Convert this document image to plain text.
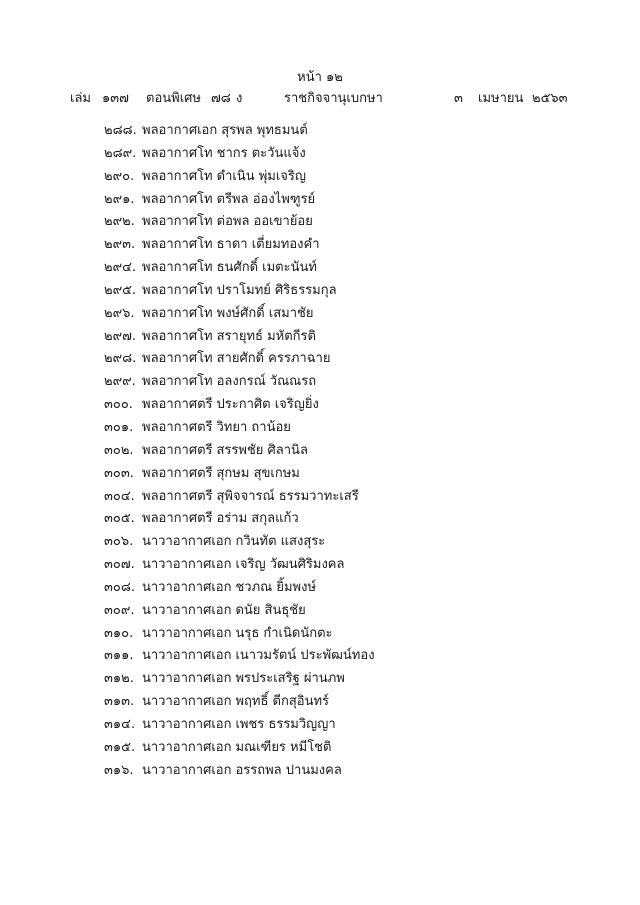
หน้า ๑๒
เล่ม ๑๓๗ ตอนพิเศษ ๗๘ ง	ราชกิจจานุเบกษา	๓ เมษายน ๒๕๖๓
๒๘๘. พลอากาศเอก สุรพล พุทธมนต์
๒๘๙. พลอากาศโท ชากร ตะวันแจ้ง
๒๙๐. พลอากาศโท ดำเนิน พุ่มเจริญ
๒๙๑. พลอากาศโท ตรีพล อ่องไพฑูรย์
๒๙๒. พลอากาศโท ต่อพล ออเขาย้อย
๒๙๓. พลอากาศโท ธาดา เตี่ยมทองคำ
๒๙๔. พลอากาศโท ธนศักดิ์ เมตะนันท์
๒๙๕. พลอากาศโท ปราโมทย์ ศิริธรรมกุล
๒๙๖. พลอากาศโท พงษ์ศักดิ์ เสมาชัย
๒๙๗. พลอากาศโท สรายุทธ์ มหัตกีรติ
๒๙๘. พลอากาศโท สายศักดิ์ ครรภาฉาย
๒๙๙. พลอากาศโท อลงกรณ์ วัณณรถ
๓๐๐. พลอากาศตรี ประกาศิต เจริญยิ่ง
๓๐๑. พลอากาศตรี วิทยา ถาน้อย
๓๐๒. พลอากาศตรี สรรพชัย ศิลานิล
๓๐๓. พลอากาศตรี สุกษม สุขเกษม
๓๐๔. พลอากาศตรี สุพิจจารณ์ ธรรมวาทะเสรี
๓๐๕. พลอากาศตรี อร่าม สกุลแก้ว
๓๐๖. นาวาอากาศเอก กวินทัต แสงสุระ
๓๐๗. นาวาอากาศเอก เจริญ วัฒนศิริมงคล
๓๐๘. นาวาอากาศเอก ชวภณ ยิ้มพงษ์
๓๐๙. นาวาอากาศเอก ดนัย สินธุชัย
๓๑๐. นาวาอากาศเอก นรุธ กำเนิดนักตะ
๓๑๑. นาวาอากาศเอก เนาวมรัตน์ ประพัฒน์ทอง
๓๑๒. นาวาอากาศเอก พรประเสริฐ ผ่านภพ
๓๑๓. นาวาอากาศเอก พฤทธิ์ ตีกสุอินทร์
๓๑๔. นาวาอากาศเอก เพชร ธรรมวิญญา
๓๑๕. นาวาอากาศเอก มณเฑียร หมีโชติ
๓๑๖. นาวาอากาศเอก อรรถพล ปานมงคล
